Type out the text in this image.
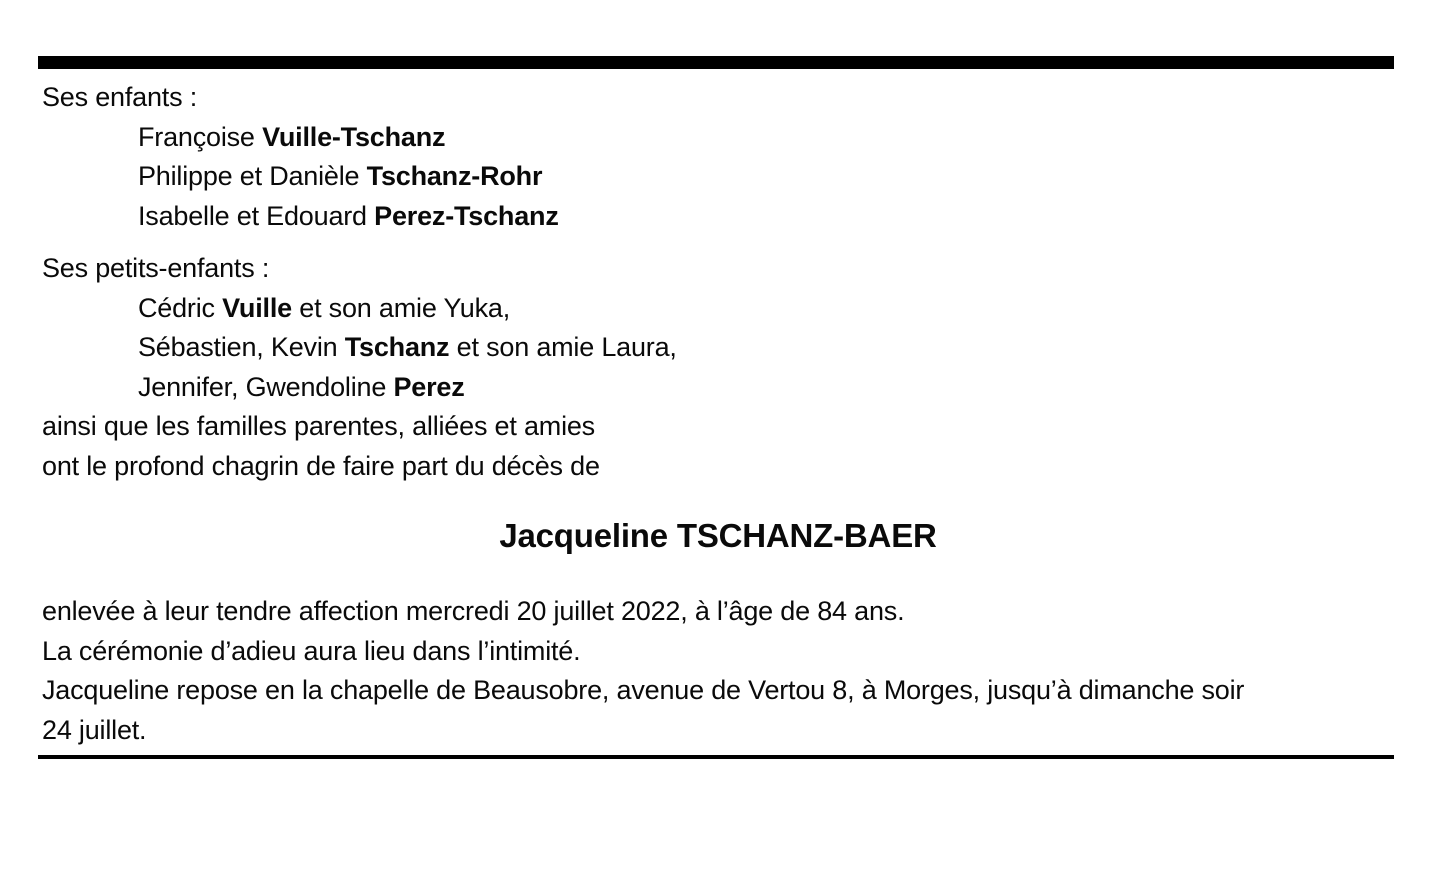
Ses enfants :
Françoise Vuille-Tschanz
Philippe et Danièle Tschanz-Rohr
Isabelle et Edouard Perez-Tschanz
Ses petits-enfants :
Cédric Vuille et son amie Yuka,
Sébastien, Kevin Tschanz et son amie Laura,
Jennifer, Gwendoline Perez
ainsi que les familles parentes, alliées et amies
ont le profond chagrin de faire part du décès de
Jacqueline TSCHANZ-BAER
enlevée à leur tendre affection mercredi 20 juillet 2022, à l’âge de 84 ans.
La cérémonie d’adieu aura lieu dans l’intimité.
Jacqueline repose en la chapelle de Beausobre, avenue de Vertou 8, à Morges, jusqu’à dimanche soir
24 juillet.
